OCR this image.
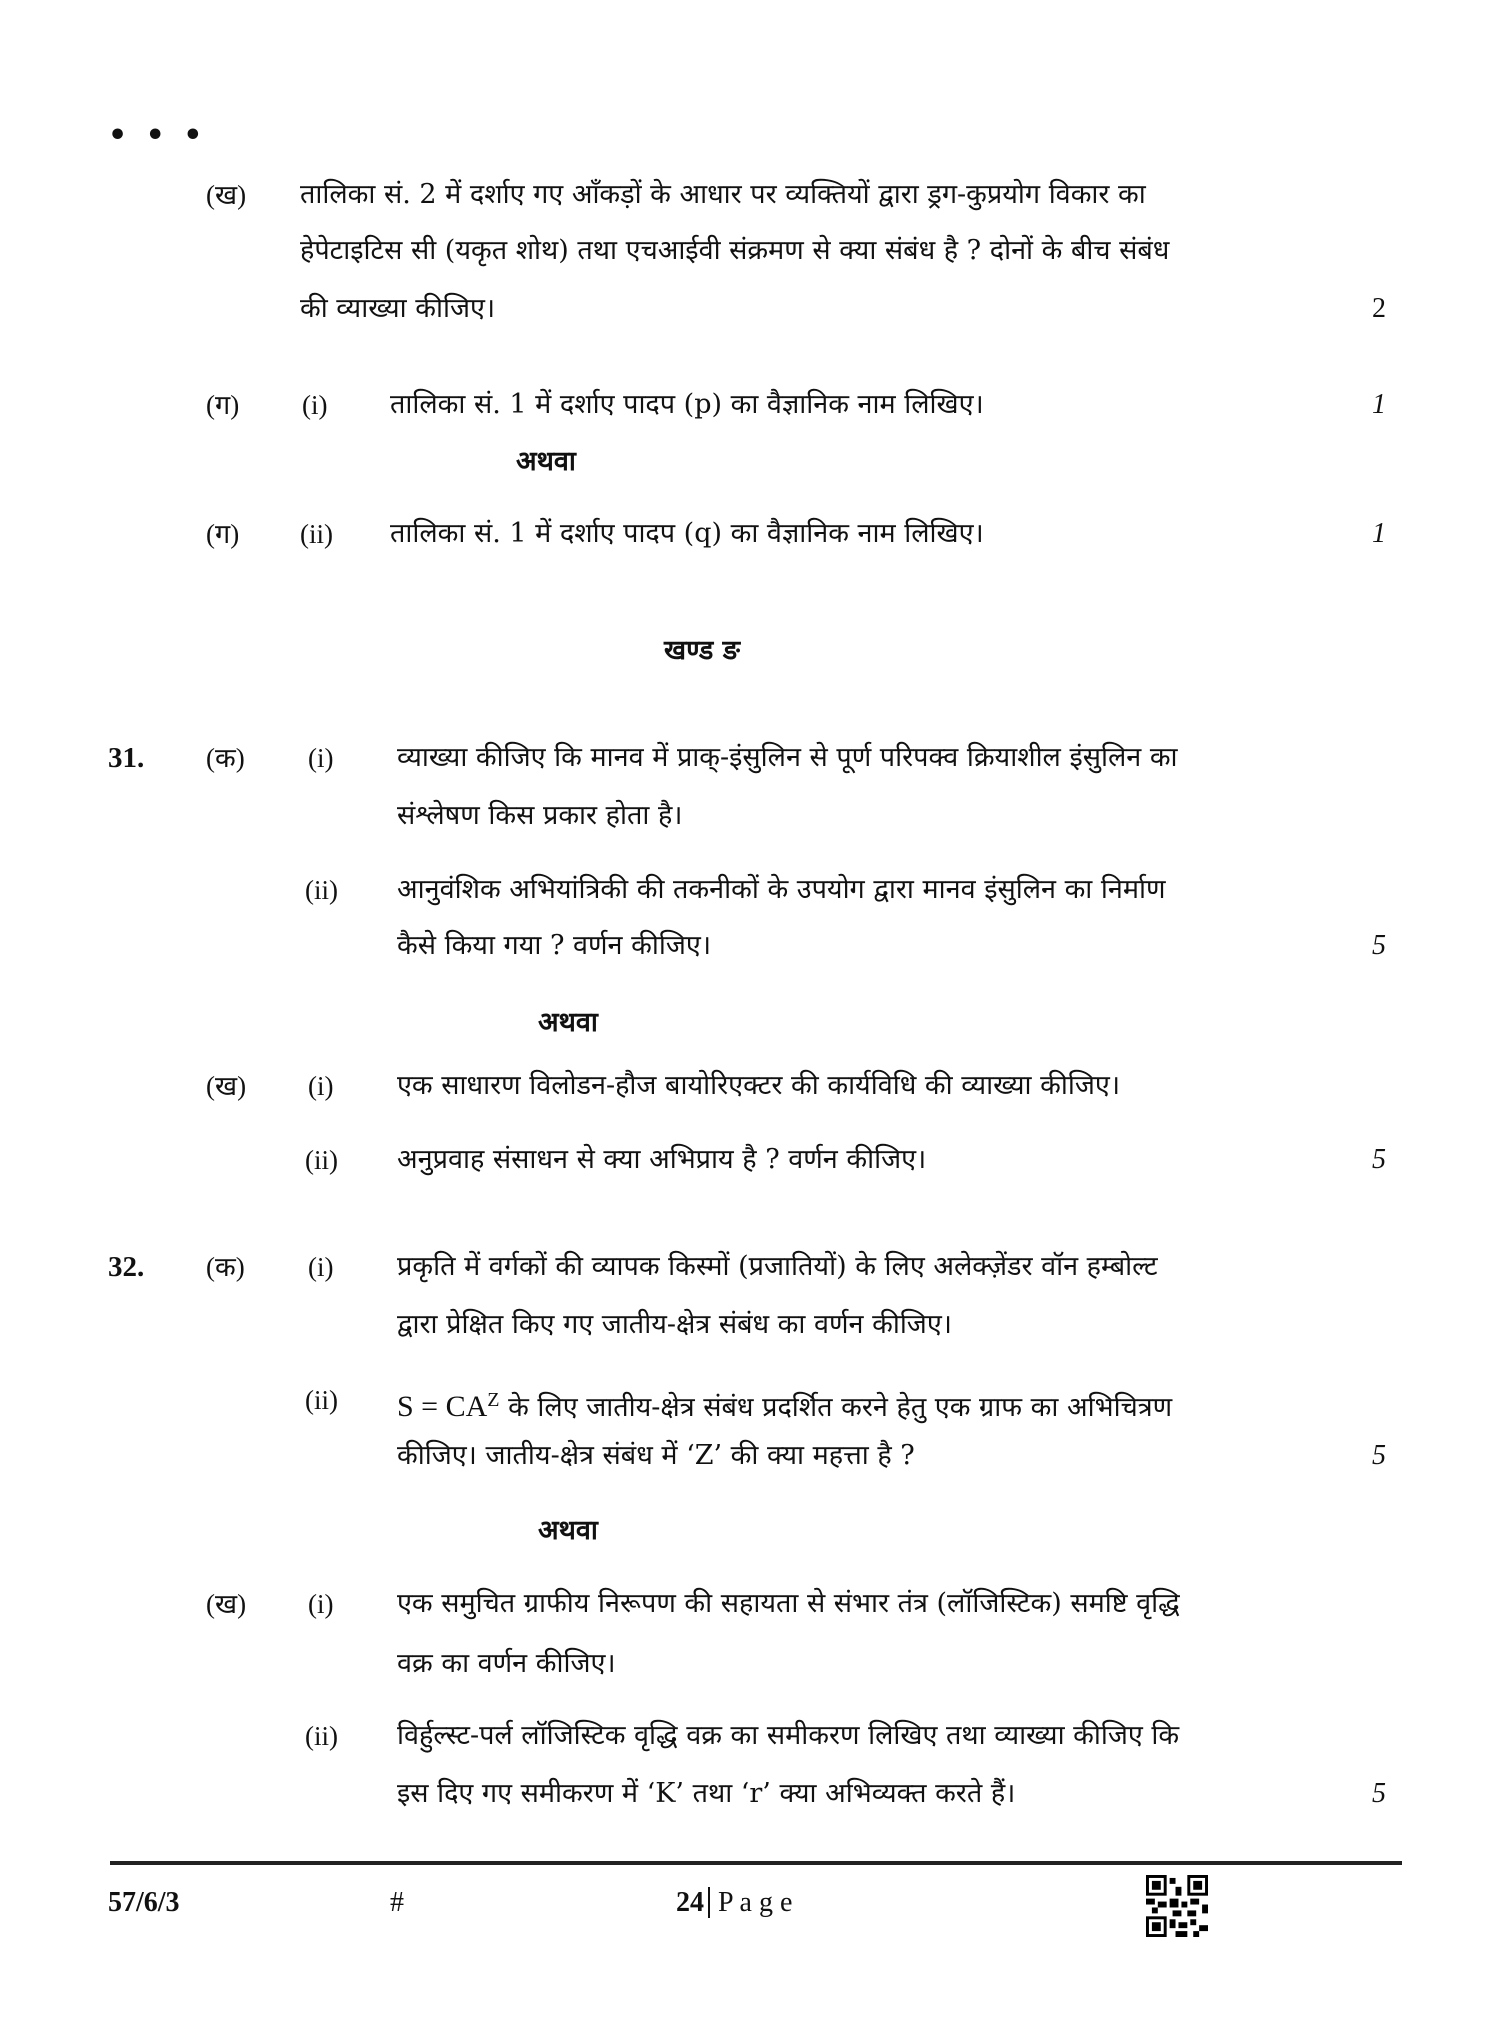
• • •
(ख) तालिका सं. 2 में दर्शाए गए आँकड़ों के आधार पर व्यक्तियों द्वारा ड्रग-कुप्रयोग विकार का
हेपेटाइटिस सी (यकृत शोथ) तथा एचआईवी संक्रमण से क्या संबंध है ? दोनों के बीच संबंध
की व्याख्या कीजिए।	2
(ग) (i) तालिका सं. 1 में दर्शाए पादप (p) का वैज्ञानिक नाम लिखिए।	1
अथवा
(ग) (ii) तालिका सं. 1 में दर्शाए पादप (q) का वैज्ञानिक नाम लिखिए।	1
खण्ड ङ
31. (क) (i) व्याख्या कीजिए कि मानव में प्राक्-इंसुलिन से पूर्ण परिपक्व क्रियाशील इंसुलिन का
संश्लेषण किस प्रकार होता है।
(ii) आनुवंशिक अभियांत्रिकी की तकनीकों के उपयोग द्वारा मानव इंसुलिन का निर्माण
कैसे किया गया ? वर्णन कीजिए।	5
अथवा
(ख) (i) एक साधारण विलोडन-हौज बायोरिएक्टर की कार्यविधि की व्याख्या कीजिए।
(ii) अनुप्रवाह संसाधन से क्या अभिप्राय है ? वर्णन कीजिए।	5
32. (क) (i) प्रकृति में वर्गकों की व्यापक किस्मों (प्रजातियों) के लिए अलेक्ज़ेंडर वॉन हम्बोल्ट
द्वारा प्रेक्षित किए गए जातीय-क्षेत्र संबंध का वर्णन कीजिए।
(ii) $S = CA^Z$ के लिए जातीय-क्षेत्र संबंध प्रदर्शित करने हेतु एक ग्राफ का अभिचित्रण
कीजिए। जातीय-क्षेत्र संबंध में ‘Z’ की क्या महत्ता है ?	5
अथवा
(ख) (i) एक समुचित ग्राफीय निरूपण की सहायता से संभार तंत्र (लॉजिस्टिक) समष्टि वृद्धि
वक्र का वर्णन कीजिए।
(ii) विर्हुल्स्ट-पर्ल लॉजिस्टिक वृद्धि वक्र का समीकरण लिखिए तथा व्याख्या कीजिए कि
इस दिए गए समीकरण में ‘K’ तथा ‘r’ क्या अभिव्यक्त करते हैं।	5
57/6/3	#	24 P a g e
